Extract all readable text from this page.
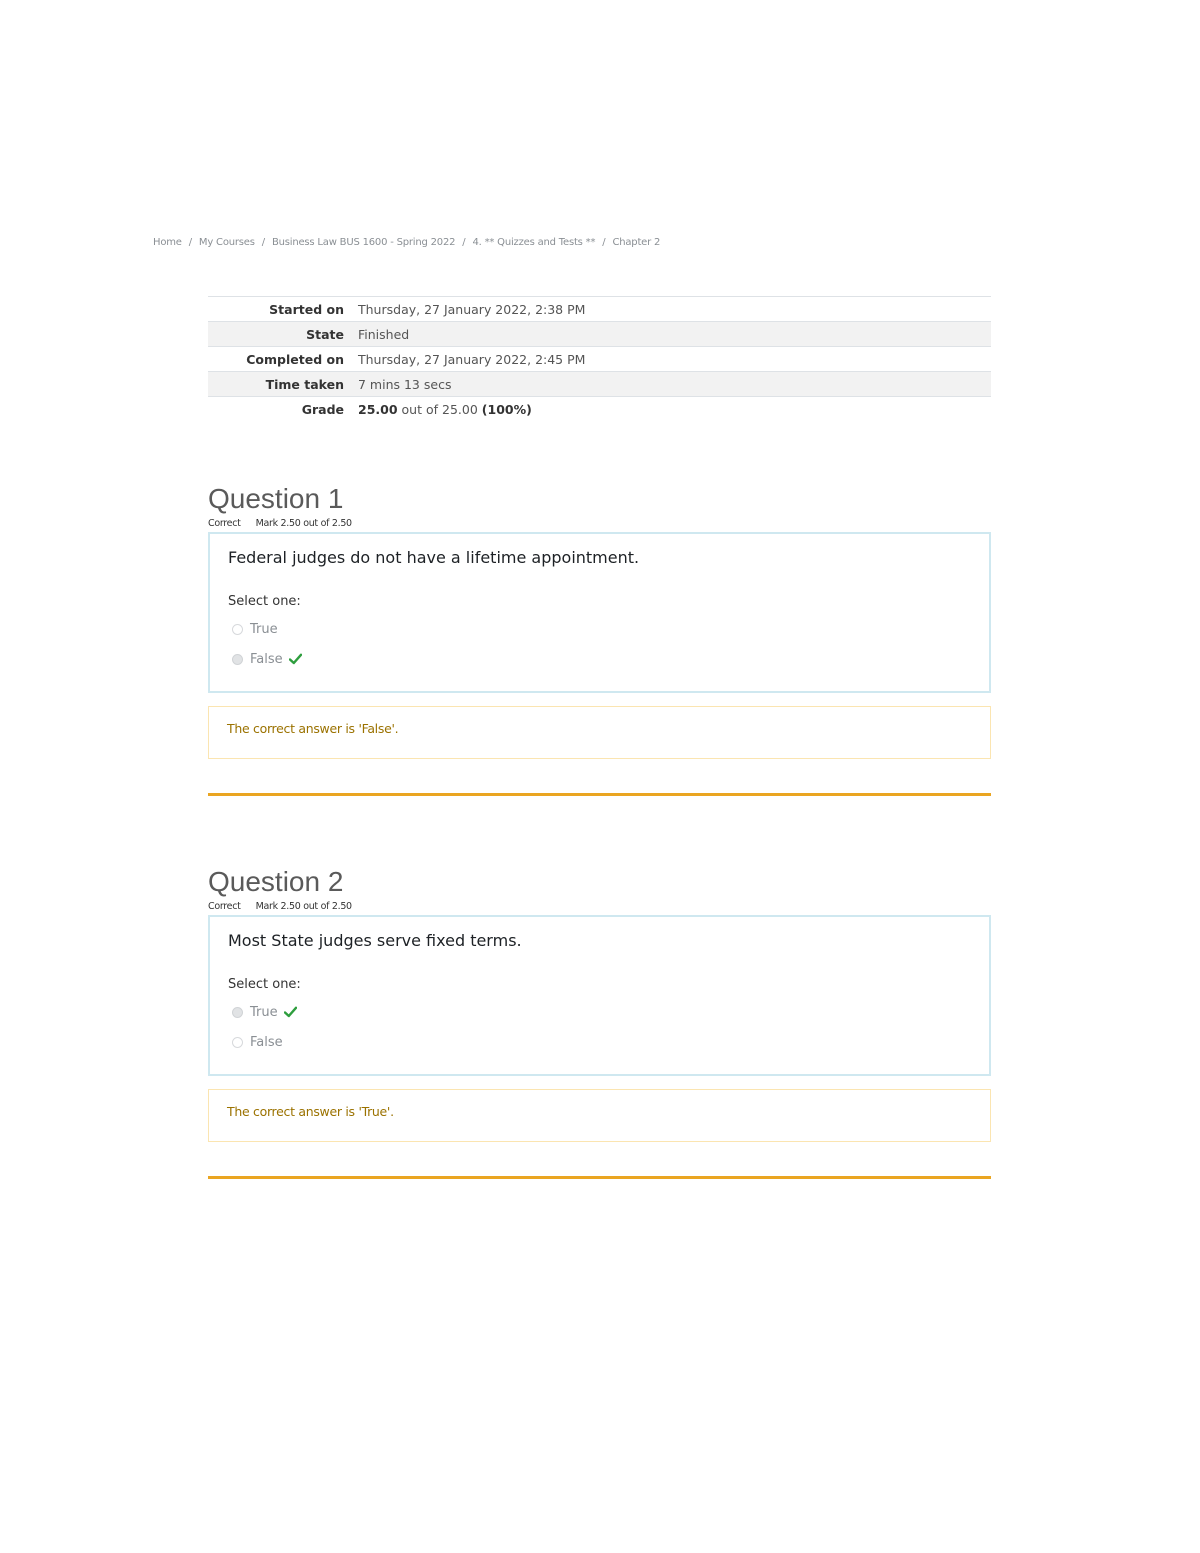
Home / My Courses / Business Law BUS 1600 - Spring 2022 / 4. ** Quizzes and Tests ** / Chapter 2
Started on	Thursday, 27 January 2022, 2:38 PM
State	Finished
Completed on	Thursday, 27 January 2022, 2:45 PM
Time taken	7 mins 13 secs
Grade	25.00 out of 25.00 (100%)
Question 1
Correct Mark 2.50 out of 2.50
Federal judges do not have a lifetime appointment.
Select one:
True
False
The correct answer is 'False'.
Question 2
Correct Mark 2.50 out of 2.50
Most State judges serve fixed terms.
Select one:
True
False
The correct answer is 'True'.
